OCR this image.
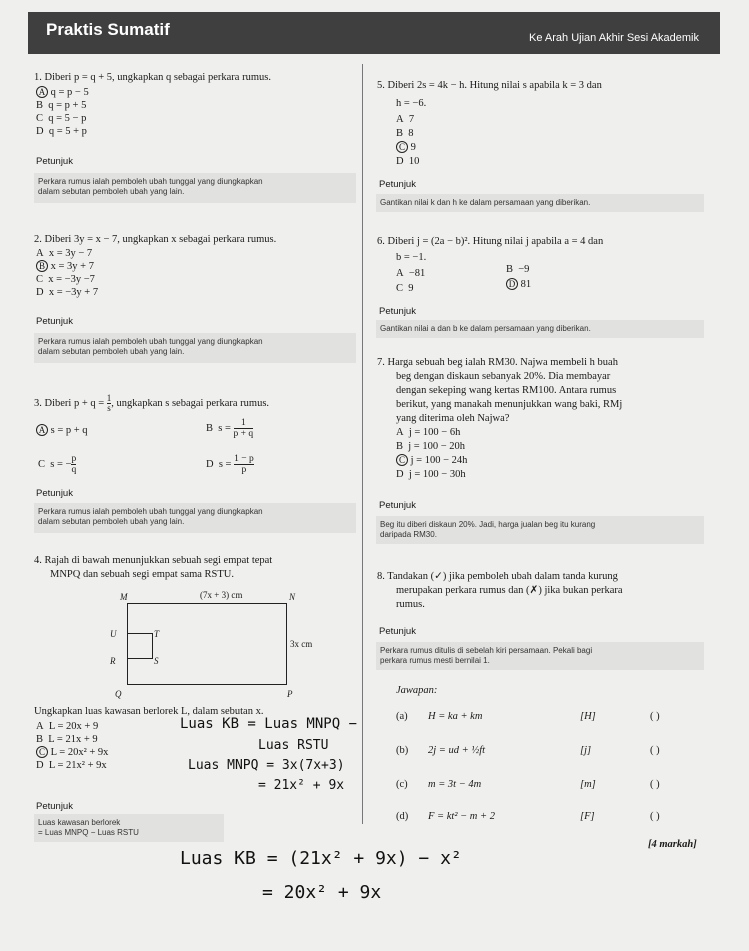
Praktis Sumatif	Ke Arah Ujian Akhir Sesi Akademik
1. Diberi p = q + 5, ungkapkan q sebagai perkara rumus.
A q = p − 5
B q = p + 5
C q = 5 − p
D q = 5 + p
Petunjuk
Perkara rumus ialah pemboleh ubah tunggal yang diungkapkan
dalam sebutan pemboleh ubah yang lain.
2. Diberi 3y = x − 7, ungkapkan x sebagai perkara rumus.
A x = 3y − 7
B x = 3y + 7
C x = −3y −7
D x = −3y + 7
Petunjuk
Perkara rumus ialah pemboleh ubah tunggal yang diungkapkan
dalam sebutan pemboleh ubah yang lain.
3. Diberi $p + q = \frac{1}{s}$ , ungkapkan s sebagai perkara rumus.
A s = p + q	B $s = \frac{1}{p + q}$
C s = − $\frac{p}{q}$	D $s = \frac{1 - p}{p}$
Petunjuk
Perkara rumus ialah pemboleh ubah tunggal yang diungkapkan
dalam sebutan pemboleh ubah yang lain.
4. Rajah di bawah menunjukkan sebuah segi empat tepat
MNPQ dan sebuah segi empat sama RSTU.
(7x + 3) cm
M	N
U	T
R	S
Q	P
3x cm
Ungkapkan luas kawasan berlorek L, dalam sebutan x.
A L = 20x + 9
B L = 21x + 9
C L = 20x² + 9x
D L = 21x² + 9x
Petunjuk
Luas kawasan berlorek
= Luas MNPQ − Luas RSTU
Luas KB = Luas MNPQ −
Luas RSTU
Luas MNPQ = 3x(7x+3)
= 21x² + 9x
Luas KB = (21x² + 9x) − x²
= 20x² + 9x
5. Diberi 2s = 4k − h. Hitung nilai s apabila k = 3 dan
h = −6.
A 7
B 8
C 9
D 10
Petunjuk
Gantikan nilai k dan h ke dalam persamaan yang diberikan.
6. Diberi j = (2a − b)². Hitung nilai j apabila a = 4 dan
b = −1.
A −81	B −9
C 9	D 81
Petunjuk
Gantikan nilai a dan b ke dalam persamaan yang diberikan.
7. Harga sebuah beg ialah RM30. Najwa membeli h buah
beg dengan diskaun sebanyak 20%. Dia membayar
dengan sekeping wang kertas RM100. Antara rumus
berikut, yang manakah menunjukkan wang baki, RMj
yang diterima oleh Najwa?
A j = 100 − 6h
B j = 100 − 20h
C j = 100 − 24h
D j = 100 − 30h
Petunjuk
Beg itu diberi diskaun 20%. Jadi, harga jualan beg itu kurang
daripada RM30.
8. Tandakan (✓) jika pemboleh ubah dalam tanda kurung
merupakan perkara rumus dan (✗) jika bukan perkara
rumus.
Petunjuk
Perkara rumus ditulis di sebelah kiri persamaan. Pekali bagi
perkara rumus mesti bernilai 1.
Jawapan:
(a) H = ka + km	[H]	( )
(b) 2j = ud + ½ft	[j]	( )
(c) m = 3t − 4m	[m]	( )
(d) F = kt² − m + 2	[F]	( )
[4 markah]
